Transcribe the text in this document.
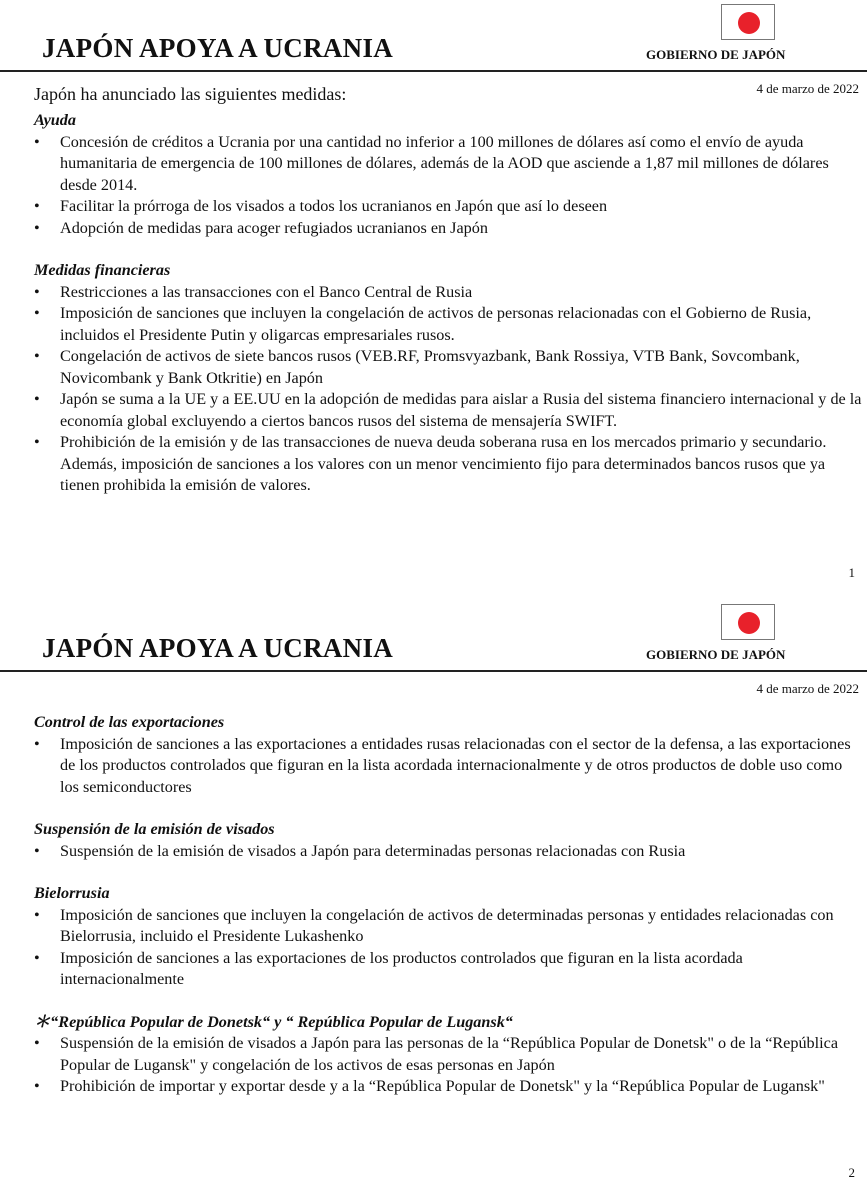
JAPÓN APOYA A UCRANIA	GOBIERNO DE JAPÓN
4 de marzo de 2022

Japón ha anunciado las siguientes medidas:

Ayuda

• Concesión de créditos a Ucrania por una cantidad no inferior a 100 millones de dólares así como el envío de ayuda humanitaria de emergencia de 100 millones de dólares, además de la AOD que asciende a 1,87 mil millones de dólares desde 2014.
• Facilitar la prórroga de los visados a todos los ucranianos en Japón que así lo deseen
• Adopción de medidas para acoger refugiados ucranianos en Japón

Medidas financieras

• Restricciones a las transacciones con el Banco Central de Rusia
• Imposición de sanciones que incluyen la congelación de activos de personas relacionadas con el Gobierno de Rusia, incluidos el Presidente Putin y oligarcas empresariales rusos.
• Congelación de activos de siete bancos rusos (VEB.RF, Promsvyazbank, Bank Rossiya, VTB Bank, Sovcombank, Novicombank y Bank Otkritie) en Japón
• Japón se suma a la UE y a EE.UU en la adopción de medidas para aislar a Rusia del sistema financiero internacional y de la economía global excluyendo a ciertos bancos rusos del sistema de mensajería SWIFT.
• Prohibición de la emisión y de las transacciones de nueva deuda soberana rusa en los mercados primario y secundario. Además, imposición de sanciones a los valores con un menor vencimiento fijo para determinados bancos rusos que ya tienen prohibida la emisión de valores.
1
JAPÓN APOYA A UCRANIA	GOBIERNO DE JAPÓN
4 de marzo de 2022

Control de las exportaciones

• Imposición de sanciones a las exportaciones a entidades rusas relacionadas con el sector de la defensa, a las exportaciones de los productos controlados que figuran en la lista acordada internacionalmente y de otros productos de doble uso como los semiconductores

Suspensión de la emisión de visados

• Suspensión de la emisión de visados a Japón para determinadas personas relacionadas con Rusia

Bielorrusia

• Imposición de sanciones que incluyen la congelación de activos de determinadas personas y entidades relacionadas con Bielorrusia, incluido el Presidente Lukashenko
• Imposición de sanciones a las exportaciones de los productos controlados que figuran en la lista acordada internacionalmente

＊“República Popular de Donetsk“ y “ República Popular de Lugansk“

• Suspensión de la emisión de visados a Japón para las personas de la “República Popular de Donetsk" o de la “República Popular de Lugansk" y congelación de los activos de esas personas en Japón
• Prohibición de importar y exportar desde y a la “República Popular de Donetsk" y la “República Popular de Lugansk"
2
